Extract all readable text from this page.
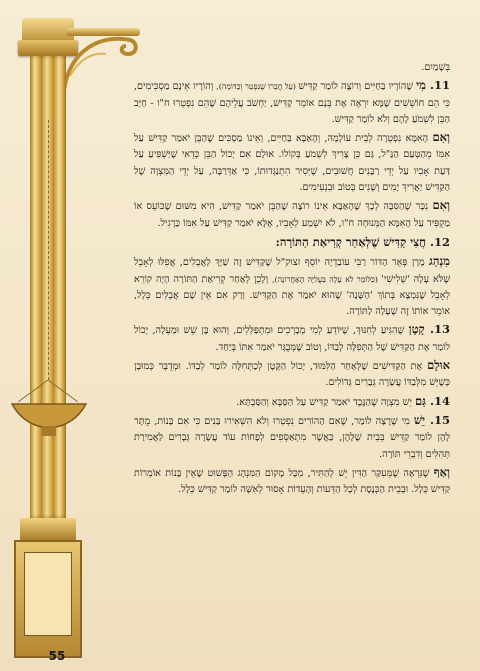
55

בְּשָׁמַיִם.

11. מִי שֶׁהוֹרָיו בַּחַיִּים וְרוֹצֶה לוֹמַר קַדִּישׁ (עַל חֲבֵרוֹ שֶׁנִּפְטַר וְכַדּוֹמֶה), וְהוֹרָיו אֵינָם מַסְכִּימִים, כִּי הֵם חוֹשְׁשִׁים שֶׁמָּא יִרְאֶה אֶת בְּנָם אוֹמֵר קַדִּישׁ, יַחְשֹׁב עֲלֵיהֶם שֶׁהֵם נִפְטְרוּ ח"ו - חַיָּב הַבֵּן לִשְׁמֹעַ לָהֶם וְלֹא לוֹמַר קַדִּישׁ.

וְאִם הָאִמָּא נִפְטְרָה לְבֵית עוֹלָמָהּ, וְהָאַבָּא בַּחַיִּים, וְאֵינוֹ מַסְכִּים שֶׁהַבֵּן יֹאמַר קַדִּישׁ עַל אִמּוֹ מֵהַטְּעַם הַנַּ"ל, גַּם כֵּן צָרִיךְ לִשְׁמֹעַ בְּקוֹלוֹ. אוּלָם אִם יָכוֹל הַבֵּן כְּדֵאי שֶׁיַּשְׁפִּיעַ עַל דַּעַת אָבִיו עַל יְדֵי רַבָּנִים חֲשׁוּבִים, שֶׁיְּסִיר הִתְנַגְּדוּתוֹ, כִּי אַדְּרַבָּה, עַל יְדֵי הַמִּצְוָה שֶׁל הַקַּדִּישׁ יַאֲרִיךְ יָמִים וְשָׁנִים בְּטוֹב וּבִנְעִימִים.

וְאִם נִכָּר שֶׁהַסִּבָּה לְכָךְ שֶׁהָאַבָּא אֵינוֹ רוֹצֶה שֶׁהַבֵּן יֹאמַר קַדִּישׁ, הִיא מִשּׁוּם שֶׁכּוֹעֵס אוֹ מַקְפִּיד עַל הָאִמָּא הַמְּנוּחָה ח"ו, לֹא יִשְׁמַע לְאָבִיו, אֶלָּא יֹאמַר קַדִּישׁ עַל אִמּוֹ כָּרָגִיל.

12. חֲצִי קַדִּישׁ שֶׁלְּאַחַר קְרִיאַת הַתּוֹרָה:

מִנְהַג מָרָן פְּאֵר הַדּוֹר רַבִּי עוֹבַדְיָה יוֹסֵף זצוק"ל שֶׁקַּדִּישׁ זֶה שַׁיָּךְ לַאֲבֵלִים, אֲפִלּוּ לְאָבֵל שֶׁלֹּא עָלָה 'שְׁלִישִׁי' (כִּלּוֹמַר לֹא עָלָה בַּעֲלִיָּה הָאַחֲרוֹנָה), וְלָכֵן לְאַחַר קְרִיאַת הַתּוֹרָה הָיָה קוֹרֵא לְאָבֵל שֶׁנִּמְצָא בְּתוֹךְ 'הַשָּׁנָה' שֶׁהוּא יֹאמַר אֶת הַקַּדִּישׁ. וְרַק אִם אֵין שָׁם אֲבֵלִים כְּלָל, אוֹמֵר אוֹתוֹ זֶה שֶׁעָלָה לַתּוֹרָה.

13. קָטָן שֶׁהִגִּיעַ לְחִנּוּךְ, שֶׁיּוֹדֵעַ לְמִי מְבָרְכִים וּמִתְפַּלְּלִים, וְהוּא בֶּן שֵׁשׁ וּמַעְלָה, יָכוֹל לוֹמַר אֶת הַקַּדִּישׁ שֶׁל הַתְּפִלָּה לְבַדּוֹ, וְטוֹב שֶׁמְּבֻגָּר יֹאמַר אִתּוֹ בְּיַחַד.

אוּלָם אֶת הַקַּדִּישִׁים שֶׁלְּאַחַר הַלִּמּוּד, יָכוֹל הַקָּטָן לְכַתְּחִלָּה לוֹמַר לְבַדּוֹ. וּמְדֻבָּר כְּמוּבָן כְּשֶׁיֵּשׁ מִלְּבַדּוֹ עֲשָׂרָה גְּבָרִים גְּדוֹלִים.

14. גַּם יֵשׁ מִצְוָה שֶׁהַנֶּכֶד יֹאמַר קַדִּישׁ עַל הַסַּבָּא וְהַסַּבְתָּא.

15. יֵשׁ מִי שֶׁרָצָה לוֹמַר, שֶׁאִם הַהוֹרִים נִפְטְרוּ וְלֹא הִשְׁאִירוּ בָּנִים כִּי אִם בָּנוֹת, מֻתָּר לָהֶן לוֹמַר קַדִּישׁ בְּבֵית שֶׁלָּהֶן, כַּאֲשֶׁר מִתְאַסְּפִים לְפָחוֹת עוֹד עֲשָׂרָה גְּבָרִים לַאֲמִירַת תְּהִלִּים וְדִבְרֵי תּוֹרָה.

וְאַף שֶׁנִּרְאֶה שֶׁמֵּעִקַּר הַדִּין יֵשׁ לְהַתִּיר, מִכָּל מָקוֹם הַמִּנְהָג הַפָּשׁוּט שֶׁאֵין בָּנוֹת אוֹמְרוֹת קַדִּישׁ כְּלָל. וּבְבֵית הַכְּנֶסֶת לְכָל הַדֵּעוֹת וְהָעֵדוֹת אָסוּר לְאִשָּׁה לוֹמַר קַדִּישׁ כְּלָל.
